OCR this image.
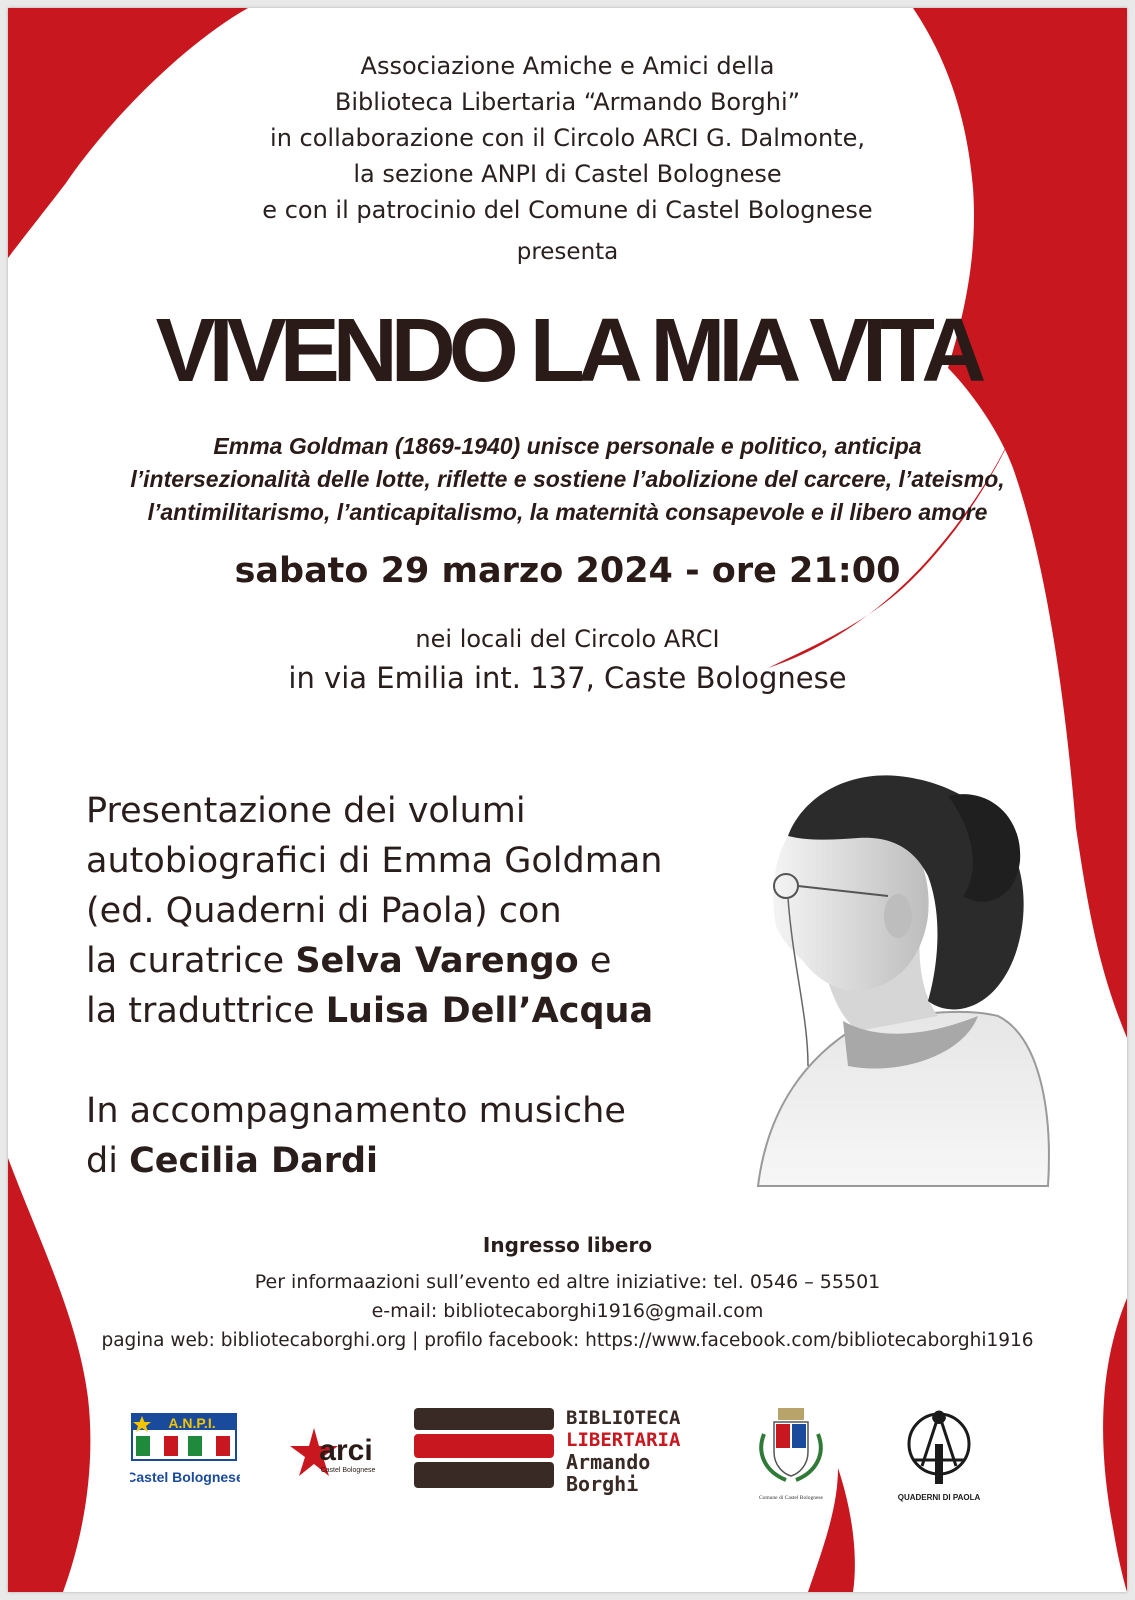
Associazione Amiche e Amici della
Biblioteca Libertaria “Armando Borghi”
in collaborazione con il Circolo ARCI G. Dalmonte,
la sezione ANPI di Castel Bolognese
e con il patrocinio del Comune di Castel Bolognese
presenta
VIVENDO LA MIA VITA
Emma Goldman (1869-1940) unisce personale e politico, anticipa
l’intersezionalità delle lotte, riflette e sostiene l’abolizione del carcere, l’ateismo,
l’antimilitarismo, l’anticapitalismo, la maternità consapevole e il libero amore
sabato 29 marzo 2024 - ore 21:00
nei locali del Circolo ARCI
in via Emilia int. 137, Caste Bolognese
Presentazione dei volumi
autobiografici di Emma Goldman
(ed. Quaderni di Paola) con
la curatrice Selva Varengo e
la traduttrice Luisa Dell’Acqua
In accompagnamento musiche
di Cecilia Dardi
Ingresso libero
Per informaazioni sull’evento ed altre iniziative: tel. 0546 – 55501
e-mail: bibliotecaborghi1916@gmail.com
pagina web: bibliotecaborghi.org | profilo facebook: https://www.facebook.com/bibliotecaborghi1916
A.N.P.I.
Castel Bolognese
arci
Castel Bolognese
BIBLIOTECA
LIBERTARIA
Armando
Borghi
Comune di Castel Bolognese	QUADERNI DI PAOLA
